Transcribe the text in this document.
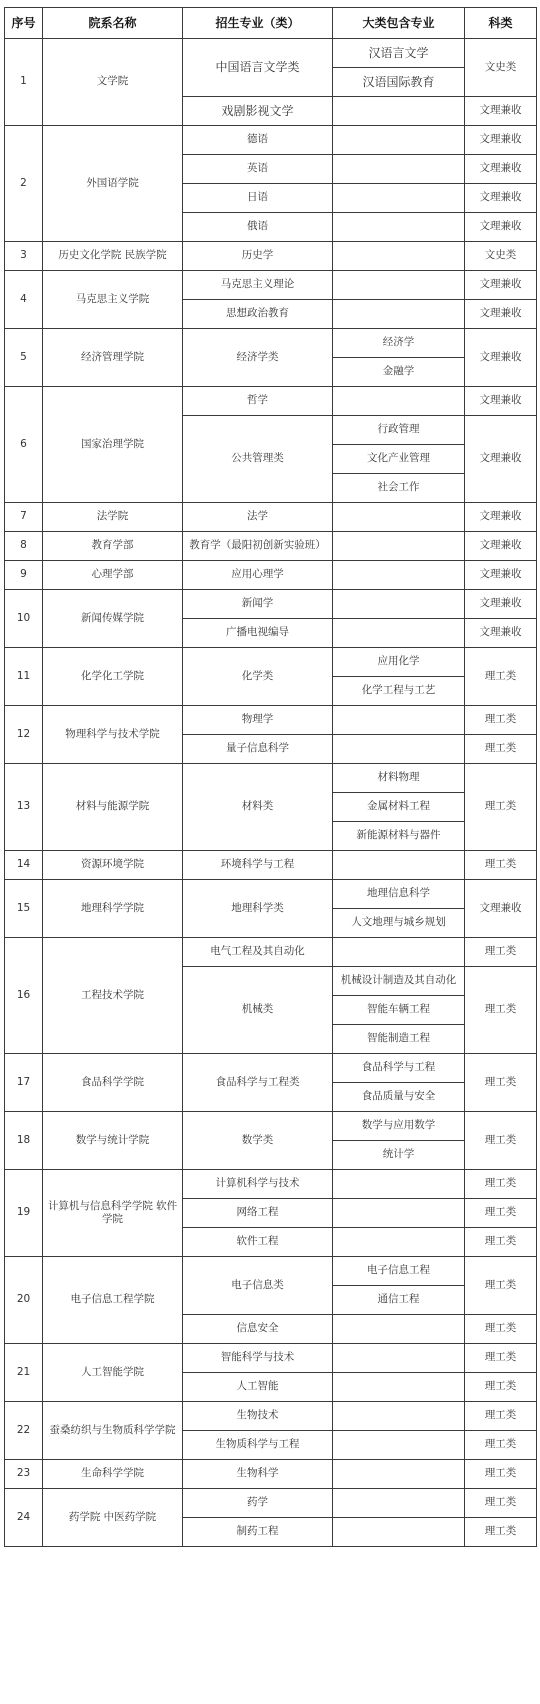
序号	院系名称	招生专业（类）	大类包含专业	科类
1	文学院	中国语言文学类	汉语言文学	文史类
			汉语国际教育	
		戏剧影视文学		文理兼收
2	外国语学院	德语		文理兼收
		英语		文理兼收
		日语		文理兼收
		俄语		文理兼收
3	历史文化学院 民族学院	历史学		文史类
4	马克思主义学院	马克思主义理论		文理兼收
		思想政治教育		文理兼收
5	经济管理学院	经济学类	经济学	文理兼收
			金融学	
6	国家治理学院	哲学		文理兼收
		公共管理类	行政管理	文理兼收
			文化产业管理	
			社会工作	
7	法学院	法学		文理兼收
8	教育学部	教育学（最阳初创新实验班）		文理兼收
9	心理学部	应用心理学		文理兼收
10	新闻传媒学院	新闻学		文理兼收
		广播电视编导		文理兼收
11	化学化工学院	化学类	应用化学	理工类
			化学工程与工艺	
12	物理科学与技术学院	物理学		理工类
		量子信息科学		理工类
13	材料与能源学院	材料类	材料物理	理工类
			金属材料工程	
			新能源材料与器件	
14	资源环境学院	环境科学与工程		理工类
15	地理科学学院	地理科学类	地理信息科学	文理兼收
			人文地理与城乡规划	
16	工程技术学院	电气工程及其自动化		理工类
		机械类	机械设计制造及其自动化	理工类
			智能车辆工程	
			智能制造工程	
17	食品科学学院	食品科学与工程类	食品科学与工程	理工类
			食品质量与安全	
18	数学与统计学院	数学类	数学与应用数学	理工类
			统计学	
19	计算机与信息科学学院 软件学院	计算机科学与技术		理工类
		网络工程		理工类
		软件工程		理工类
20	电子信息工程学院	电子信息类	电子信息工程	理工类
			通信工程	
		信息安全		理工类
21	人工智能学院	智能科学与技术		理工类
		人工智能		理工类
22	蚕桑纺织与生物质科学学院	生物技术		理工类
		生物质科学与工程		理工类
23	生命科学学院	生物科学		理工类
24	药学院 中医药学院	药学		理工类
		制药工程		理工类
